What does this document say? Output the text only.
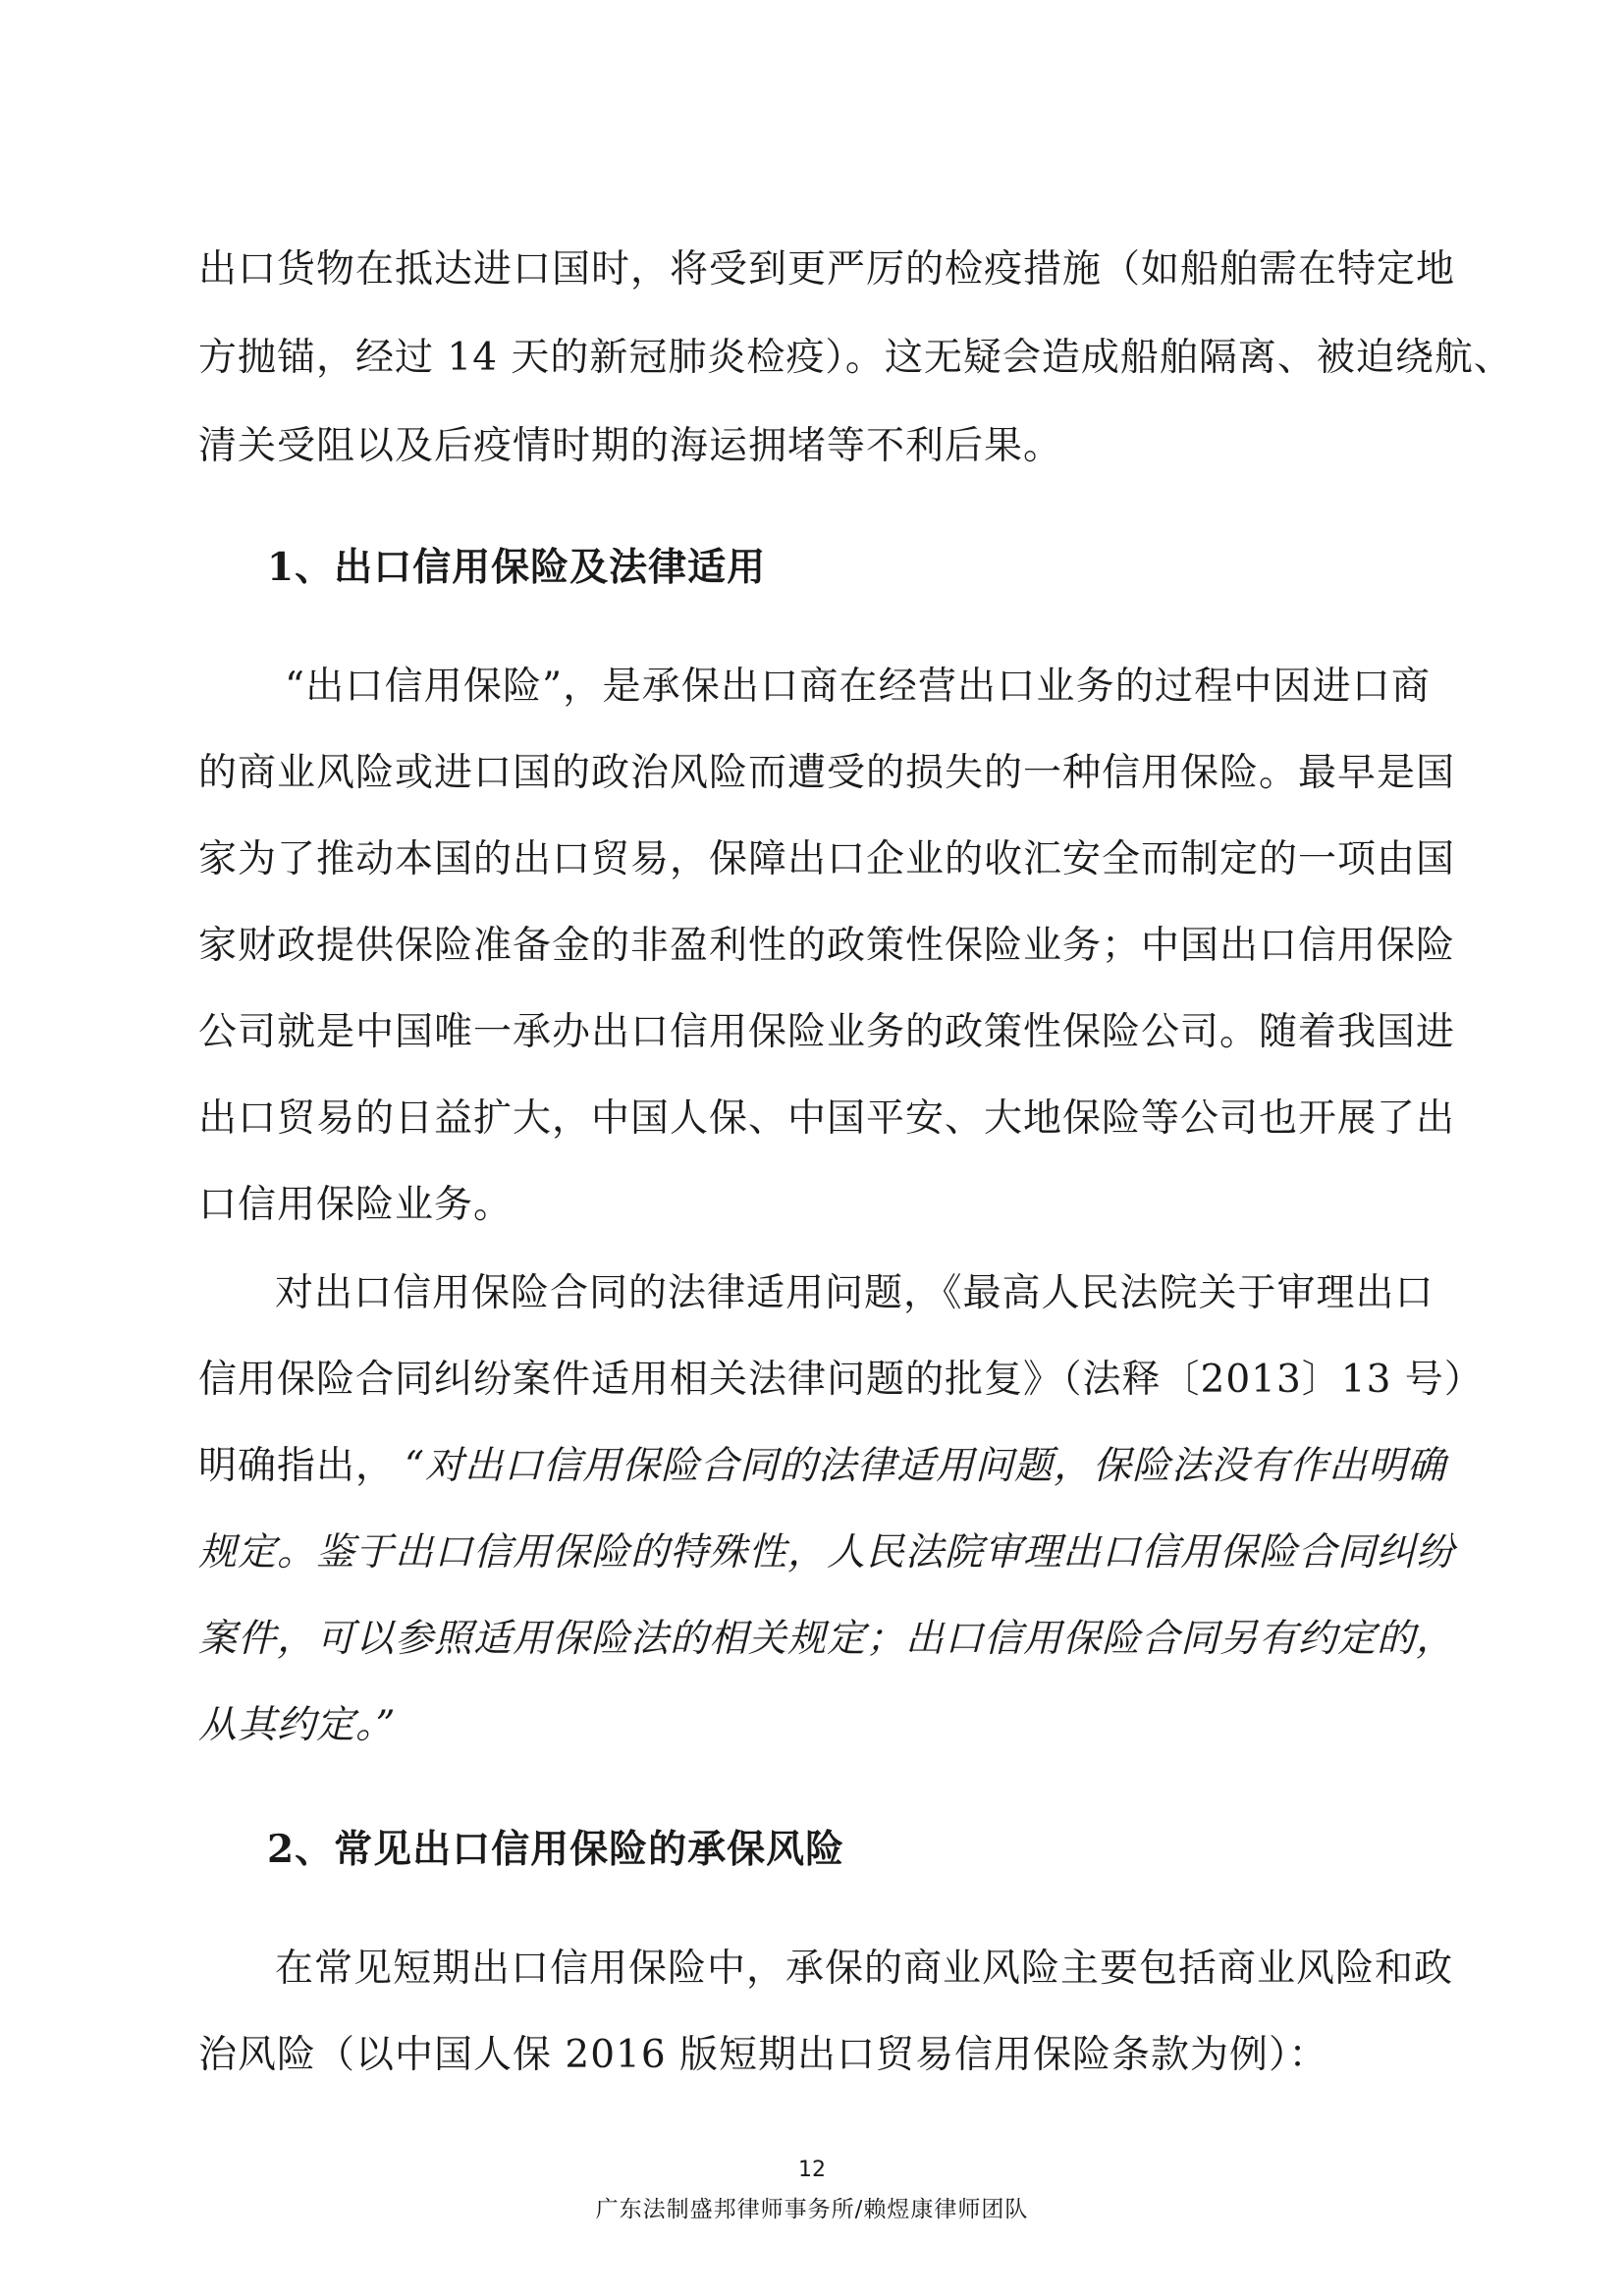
出口货物在抵达进口国时，将受到更严厉的检疫措施（如船舶需在特定地
方抛锚，经过 14 天的新冠肺炎检疫）。这无疑会造成船舶隔离、被迫绕航、
清关受阻以及后疫情时期的海运拥堵等不利后果。
1、出口信用保险及法律适用
“出口信用保险”，是承保出口商在经营出口业务的过程中因进口商
的商业风险或进口国的政治风险而遭受的损失的一种信用保险。最早是国
家为了推动本国的出口贸易，保障出口企业的收汇安全而制定的一项由国
家财政提供保险准备金的非盈利性的政策性保险业务；中国出口信用保险
公司就是中国唯一承办出口信用保险业务的政策性保险公司。随着我国进
出口贸易的日益扩大，中国人保、中国平安、大地保险等公司也开展了出
口信用保险业务。
对出口信用保险合同的法律适用问题，《最高人民法院关于审理出口
信用保险合同纠纷案件适用相关法律问题的批复》（法释〔2013〕13 号）
明确指出， “对出口信用保险合同的法律适用问题，保险法没有作出明确
规定。鉴于出口信用保险的特殊性，人民法院审理出口信用保险合同纠纷
案件，可以参照适用保险法的相关规定；出口信用保险合同另有约定的，
从其约定。”
2、常见出口信用保险的承保风险
在常见短期出口信用保险中，承保的商业风险主要包括商业风险和政
治风险（以中国人保 2016 版短期出口贸易信用保险条款为例）：
12
广东法制盛邦律师事务所/赖煜康律师团队
